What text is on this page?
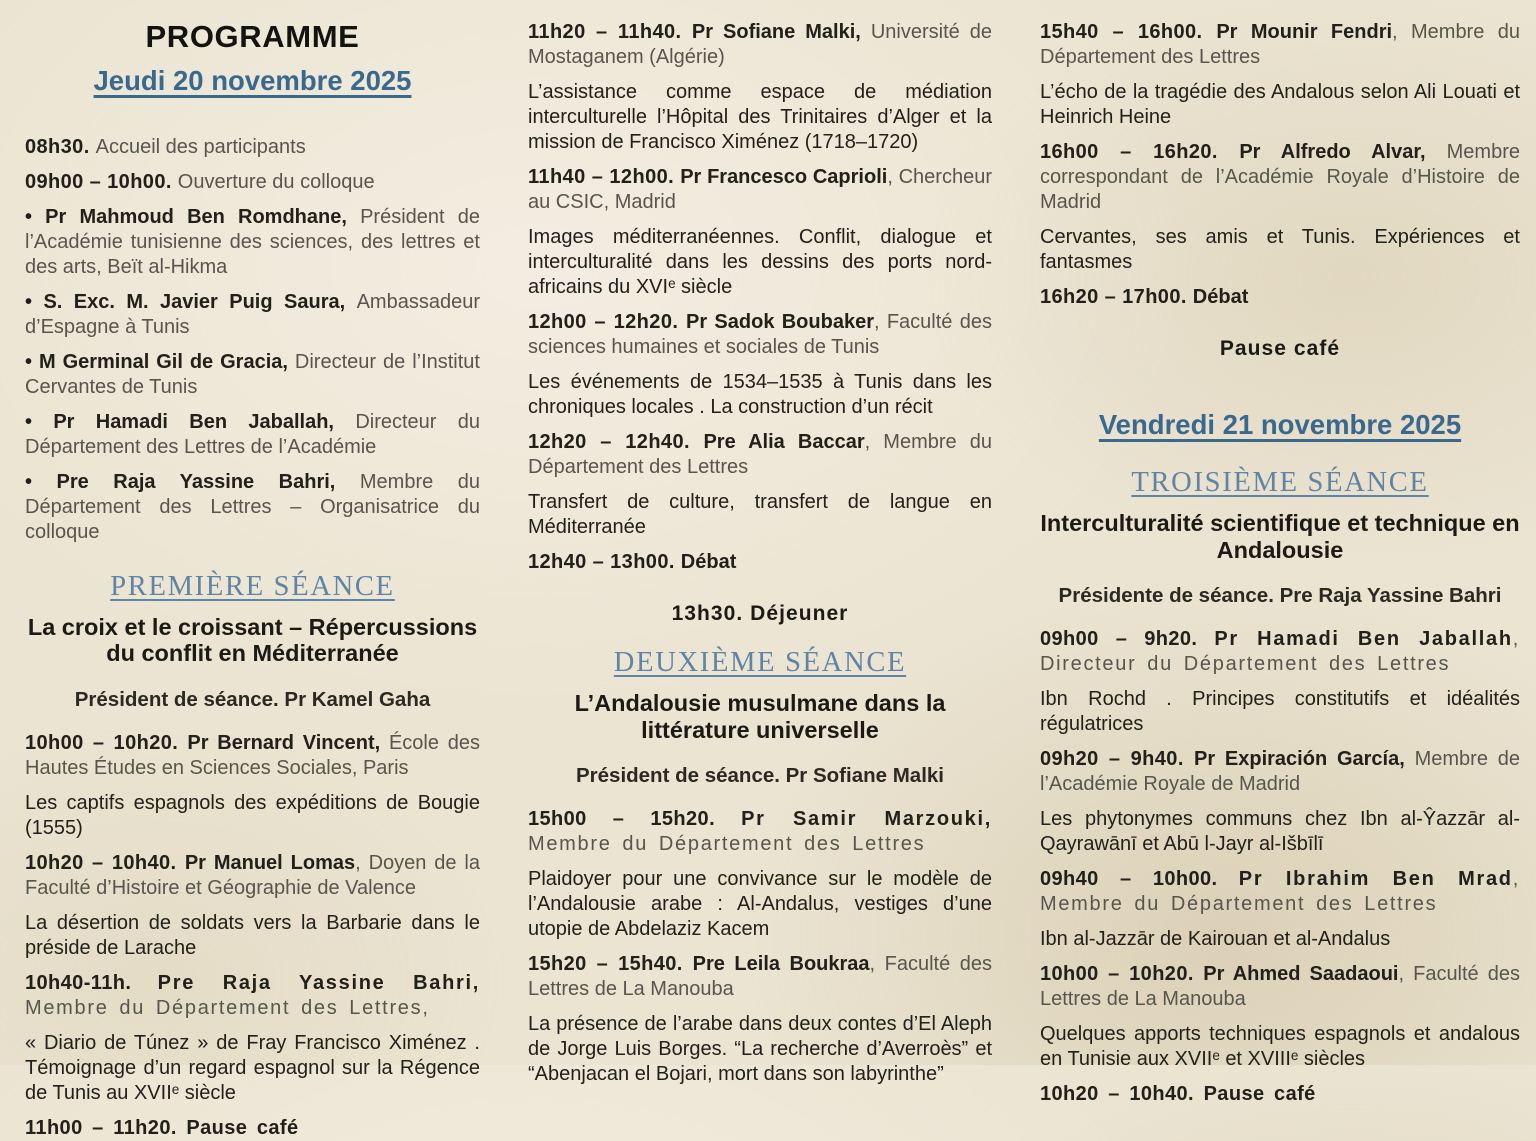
PROGRAMME
Jeudi 20 novembre 2025
08h30. Accueil des participants
09h00 – 10h00. Ouverture du colloque
• Pr Mahmoud Ben Romdhane, Président de l’Académie tunisienne des sciences, des lettres et des arts, Beït al-Hikma
• S. Exc. M. Javier Puig Saura, Ambassadeur d’Espagne à Tunis
• M Germinal Gil de Gracia, Directeur de l’Institut Cervantes de Tunis
• Pr Hamadi Ben Jaballah, Directeur du Département des Lettres de l’Académie
• Pre Raja Yassine Bahri, Membre du Département des Lettres – Organisatrice du colloque
PREMIÈRE SÉANCE
La croix et le croissant – Répercussions du conflit en Méditerranée
Président de séance. Pr Kamel Gaha
10h00 – 10h20. Pr Bernard Vincent, École des Hautes Études en Sciences Sociales, Paris
Les captifs espagnols des expéditions de Bougie (1555)
10h20 – 10h40. Pr Manuel Lomas, Doyen de la Faculté d’Histoire et Géographie de Valence
La désertion de soldats vers la Barbarie dans le préside de Larache
10h40-11h. Pre Raja Yassine Bahri, Membre du Département des Lettres,
« Diario de Túnez » de Fray Francisco Ximénez . Témoignage d’un regard espagnol sur la Régence de Tunis au XVIIᵉ siècle
11h00 – 11h20. Pause café
11h20 – 11h40. Pr Sofiane Malki, Université de Mostaganem (Algérie)
L’assistance comme espace de médiation interculturelle l’Hôpital des Trinitaires d’Alger et la mission de Francisco Ximénez (1718–1720)
11h40 – 12h00. Pr Francesco Caprioli, Chercheur au CSIC, Madrid
Images méditerranéennes. Conflit, dialogue et interculturalité dans les dessins des ports nord-africains du XVIᵉ siècle
12h00 – 12h20. Pr Sadok Boubaker, Faculté des sciences humaines et sociales de Tunis
Les événements de 1534–1535 à Tunis dans les chroniques locales . La construction d’un récit
12h20 – 12h40. Pre Alia Baccar, Membre du Département des Lettres
Transfert de culture, transfert de langue en Méditerranée
12h40 – 13h00. Débat
13h30. Déjeuner
DEUXIÈME SÉANCE
L’Andalousie musulmane dans la littérature universelle
Président de séance. Pr Sofiane Malki
15h00 – 15h20. Pr Samir Marzouki, Membre du Département des Lettres
Plaidoyer pour une convivance sur le modèle de l’Andalousie arabe : Al-Andalus, vestiges d’une utopie de Abdelaziz Kacem
15h20 – 15h40. Pre Leila Boukraa, Faculté des Lettres de La Manouba
La présence de l’arabe dans deux contes d’El Aleph de Jorge Luis Borges. “La recherche d’Averroès” et “Abenjacan el Bojari, mort dans son labyrinthe”
15h40 – 16h00. Pr Mounir Fendri, Membre du Département des Lettres
L’écho de la tragédie des Andalous selon Ali Louati et Heinrich Heine
16h00 – 16h20. Pr Alfredo Alvar, Membre correspondant de l’Académie Royale d’Histoire de Madrid
Cervantes, ses amis et Tunis. Expériences et fantasmes
16h20 – 17h00. Débat
Pause café
Vendredi 21 novembre 2025
TROISIÈME SÉANCE
Interculturalité scientifique et technique en Andalousie
Présidente de séance. Pre Raja Yassine Bahri
09h00 – 9h20. Pr Hamadi Ben Jaballah, Directeur du Département des Lettres
Ibn Rochd . Principes constitutifs et idéalités régulatrices
09h20 – 9h40. Pr Expiración García, Membre de l’Académie Royale de Madrid
Les phytonymes communs chez Ibn al-Ŷazzār al-Qayrawānī et Abū l-Jayr al-Išbīlī
09h40 – 10h00. Pr Ibrahim Ben Mrad, Membre du Département des Lettres
Ibn al-Jazzār de Kairouan et al-Andalus
10h00 – 10h20. Pr Ahmed Saadaoui, Faculté des Lettres de La Manouba
Quelques apports techniques espagnols et andalous en Tunisie aux XVIIᵉ et XVIIIᵉ siècles
10h20 – 10h40. Pause café
